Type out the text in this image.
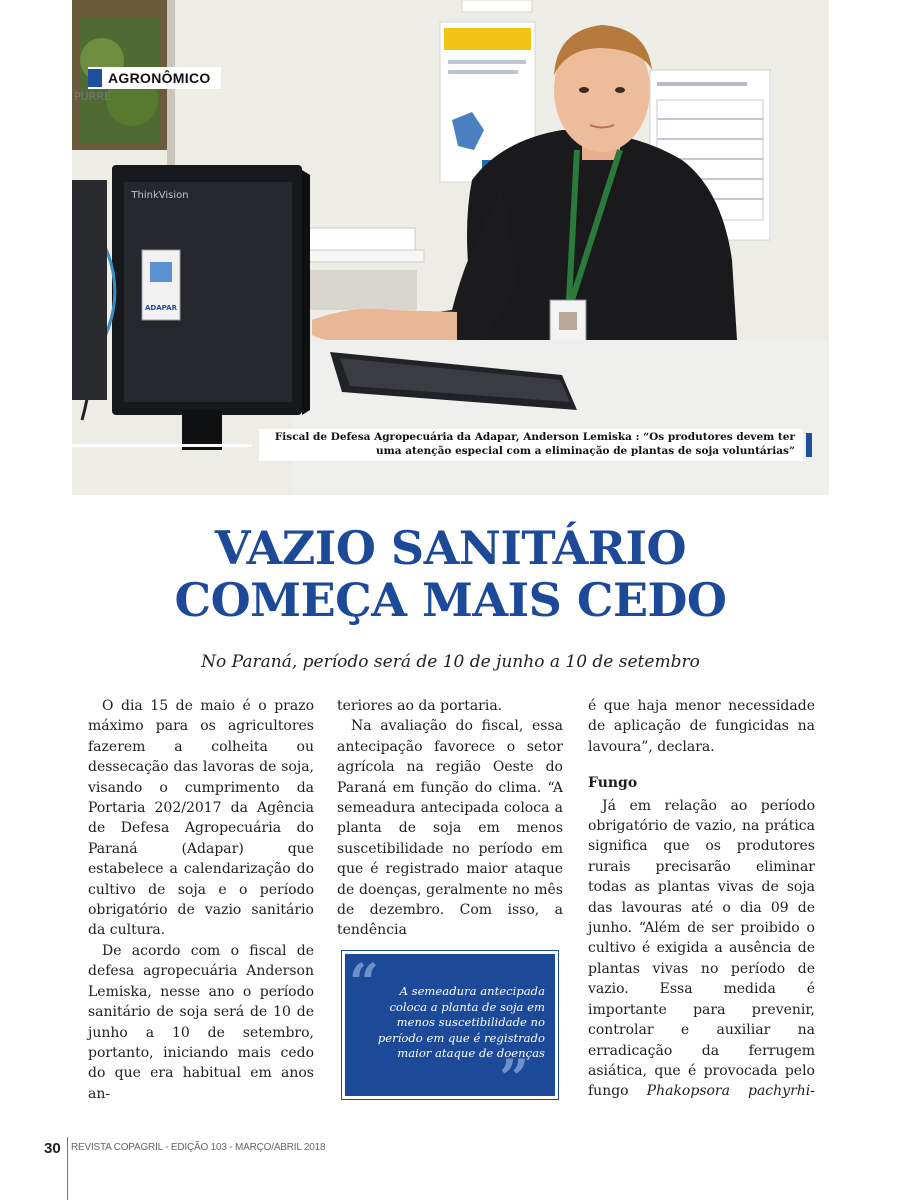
ThinkVision
ADAPAR
PURRE
AGRONÔMICO
Fiscal de Defesa Agropecuária da Adapar, Anderson Lemiska : “Os produtores devem ter
uma atenção especial com a eliminação de plantas de soja voluntárias”
VAZIO SANITÁRIO
COMEÇA MAIS CEDO
No Paraná, período será de 10 de junho a 10 de setembro

O dia 15 de maio é o prazo máximo para os agricultores fazerem a colheita ou dessecação das lavoras de soja, visando o cumprimento da Portaria 202/2017 da Agência de Defesa Agropecuária do Paraná (Adapar) que estabelece a calendarização do cultivo de soja e o período obrigatório de vazio sanitário da cultura.

De acordo com o fiscal de defesa agropecuária Anderson Lemiska, nesse ano o período sanitário de soja será de 10 de junho a 10 de setembro, portanto, iniciando mais cedo do que era habitual em anos an-

teriores ao da portaria.

Na avaliação do fiscal, essa antecipação favorece o setor agrícola na região Oeste do Paraná em função do clima. “A semeadura antecipada coloca a planta de soja em menos suscetibilidade no período em que é registrado maior ataque de doenças, geralmente no mês de dezembro. Com isso, a tendência

“	A semeadura antecipada coloca a planta de soja em menos suscetibilidade no período em que é registrado maior ataque de doenças
”

é que haja menor necessidade de aplicação de fungicidas na lavoura”, declara.

Fungo

Já em relação ao período obrigatório de vazio, na prática significa que os produtores rurais precisarão eliminar todas as plantas vivas de soja das lavouras até o dia 09 de junho. “Além de ser proibido o cultivo é exigida a ausência de plantas vivas no período de vazio. Essa medida é importante para prevenir, controlar e auxiliar na erradicação da ferrugem asiática, que é provocada pelo fungo Phakopsora pachyrhi-

30 REVISTA COPAGRIL - EDIÇÃO 103 - MARÇO/ABRIL 2018
